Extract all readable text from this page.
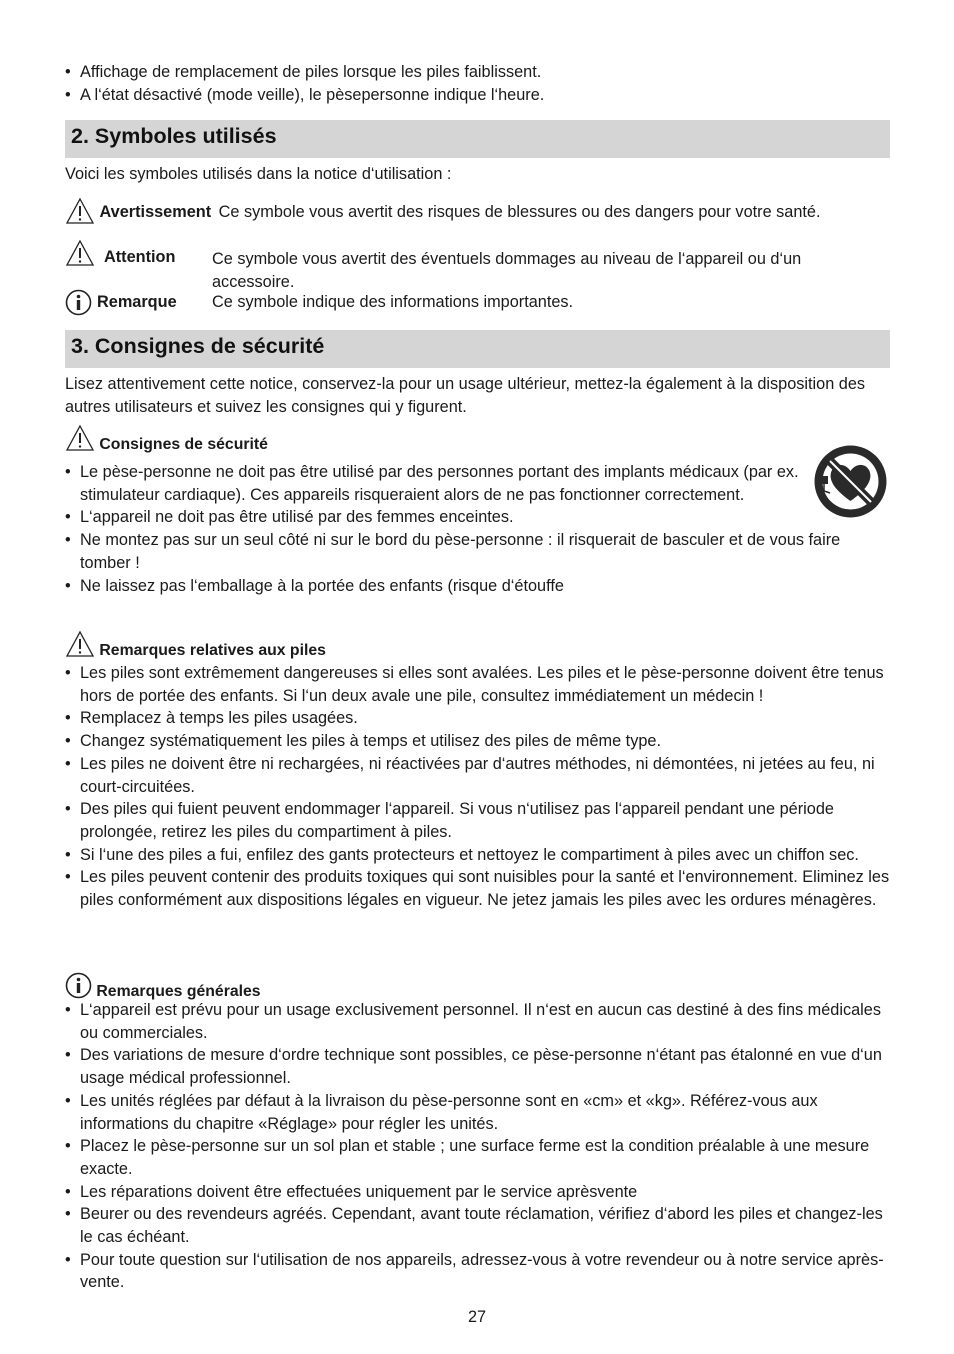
• Affichage de remplacement de piles lorsque les piles faiblissent.
• A l‘état désactivé (mode veille), le pèsepersonne indique l‘heure.
2. Symboles utilisés
Voici les symboles utilisés dans la notice d‘utilisation :
Avertissement Ce symbole vous avertit des risques de blessures ou des dangers pour votre santé.
Attention Ce symbole vous avertit des éventuels dommages au niveau de l‘appareil ou d‘un accessoire.
Remarque Ce symbole indique des informations importantes.
3. Consignes de sécurité
Lisez attentivement cette notice, conservez-la pour un usage ultérieur, mettez-la également à la disposition des autres utilisateurs et suivez les consignes qui y figurent.
Consignes de sécurité
• Le pèse-personne ne doit pas être utilisé par des personnes portant des implants médicaux (par ex. stimulateur cardiaque). Ces appareils risqueraient alors de ne pas fonctionner correctement.
• L‘appareil ne doit pas être utilisé par des femmes enceintes.
• Ne montez pas sur un seul côté ni sur le bord du pèse-personne : il risquerait de basculer et de vous faire tomber !
• Ne laissez pas l‘emballage à la portée des enfants (risque d‘étouffe
Remarques relatives aux piles
• Les piles sont extrêmement dangereuses si elles sont avalées. Les piles et le pèse-personne doivent être tenus hors de portée des enfants. Si l‘un deux avale une pile, consultez immédiatement un médecin !
• Remplacez à temps les piles usagées.
• Changez systématiquement les piles à temps et utilisez des piles de même type.
• Les piles ne doivent être ni rechargées, ni réactivées par d‘autres méthodes, ni démontées, ni jetées au feu, ni court-circuitées.
• Des piles qui fuient peuvent endommager l‘appareil. Si vous n‘utilisez pas l‘appareil pendant une période prolongée, retirez les piles du compartiment à piles.
• Si l‘une des piles a fui, enfilez des gants protecteurs et nettoyez le compartiment à piles avec un chiffon sec.
• Les piles peuvent contenir des produits toxiques qui sont nuisibles pour la santé et l‘environnement. Eliminez les piles conformément aux dispositions légales en vigueur. Ne jetez jamais les piles avec les ordures ménagères.
Remarques générales
• L‘appareil est prévu pour un usage exclusivement personnel. Il n‘est en aucun cas destiné à des fins médicales ou commerciales.
• Des variations de mesure d‘ordre technique sont possibles, ce pèse-personne n‘étant pas étalonné en vue d‘un usage médical professionnel.
• Les unités réglées par défaut à la livraison du pèse-personne sont en «cm» et «kg». Référez-vous aux informations du chapitre «Réglage» pour régler les unités.
• Placez le pèse-personne sur un sol plan et stable ; une surface ferme est la condition préalable à une mesure exacte.
• Les réparations doivent être effectuées uniquement par le service aprèsvente
• Beurer ou des revendeurs agréés. Cependant, avant toute réclamation, vérifiez d‘abord les piles et changez-les le cas échéant.
• Pour toute question sur l‘utilisation de nos appareils, adressez-vous à votre revendeur ou à notre service après-vente.
27
